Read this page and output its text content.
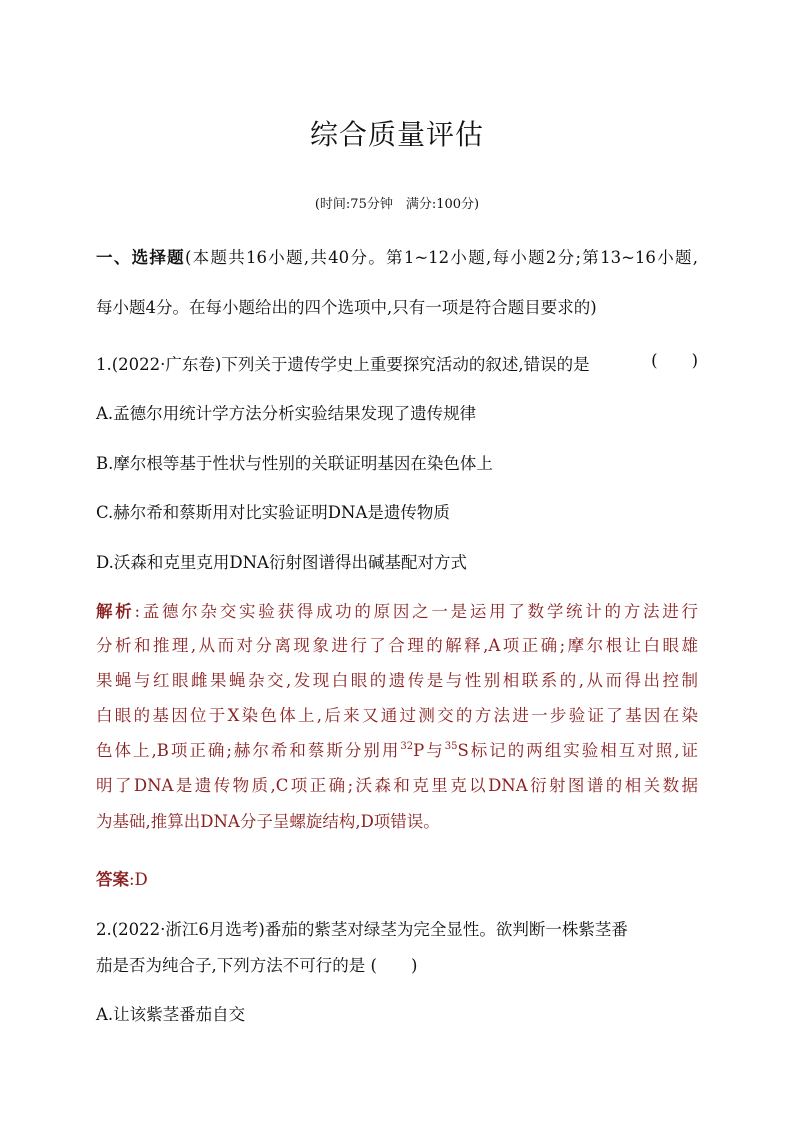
综合质量评估
(时间:75分钟　满分:100分)
一、选择题(本题共16小题,共40分。第1~12小题,每小题2分;第13~16小题,
每小题4分。在每小题给出的四个选项中,只有一项是符合题目要求的)
1.(2022·广东卷)下列关于遗传学史上重要探究活动的叙述,错误的是	( )
A.孟德尔用统计学方法分析实验结果发现了遗传规律
B.摩尔根等基于性状与性别的关联证明基因在染色体上
C.赫尔希和蔡斯用对比实验证明DNA是遗传物质
D.沃森和克里克用DNA衍射图谱得出碱基配对方式
解析:孟德尔杂交实验获得成功的原因之一是运用了数学统计的方法进行
分析和推理,从而对分离现象进行了合理的解释,A项正确;摩尔根让白眼雄
果蝇与红眼雌果蝇杂交,发现白眼的遗传是与性别相联系的,从而得出控制
白眼的基因位于X染色体上,后来又通过测交的方法进一步验证了基因在染
色体上,B项正确;赫尔希和蔡斯分别用$^{32}$P与$^{35}$S标记的两组实验相互对照,证
明了DNA是遗传物质,C项正确;沃森和克里克以DNA衍射图谱的相关数据
为基础,推算出DNA分子呈螺旋结构,D项错误。
答案:D
2.(2022·浙江6月选考)番茄的紫茎对绿茎为完全显性。欲判断一株紫茎番
茄是否为纯合子,下列方法不可行的是 ( )
A.让该紫茎番茄自交
